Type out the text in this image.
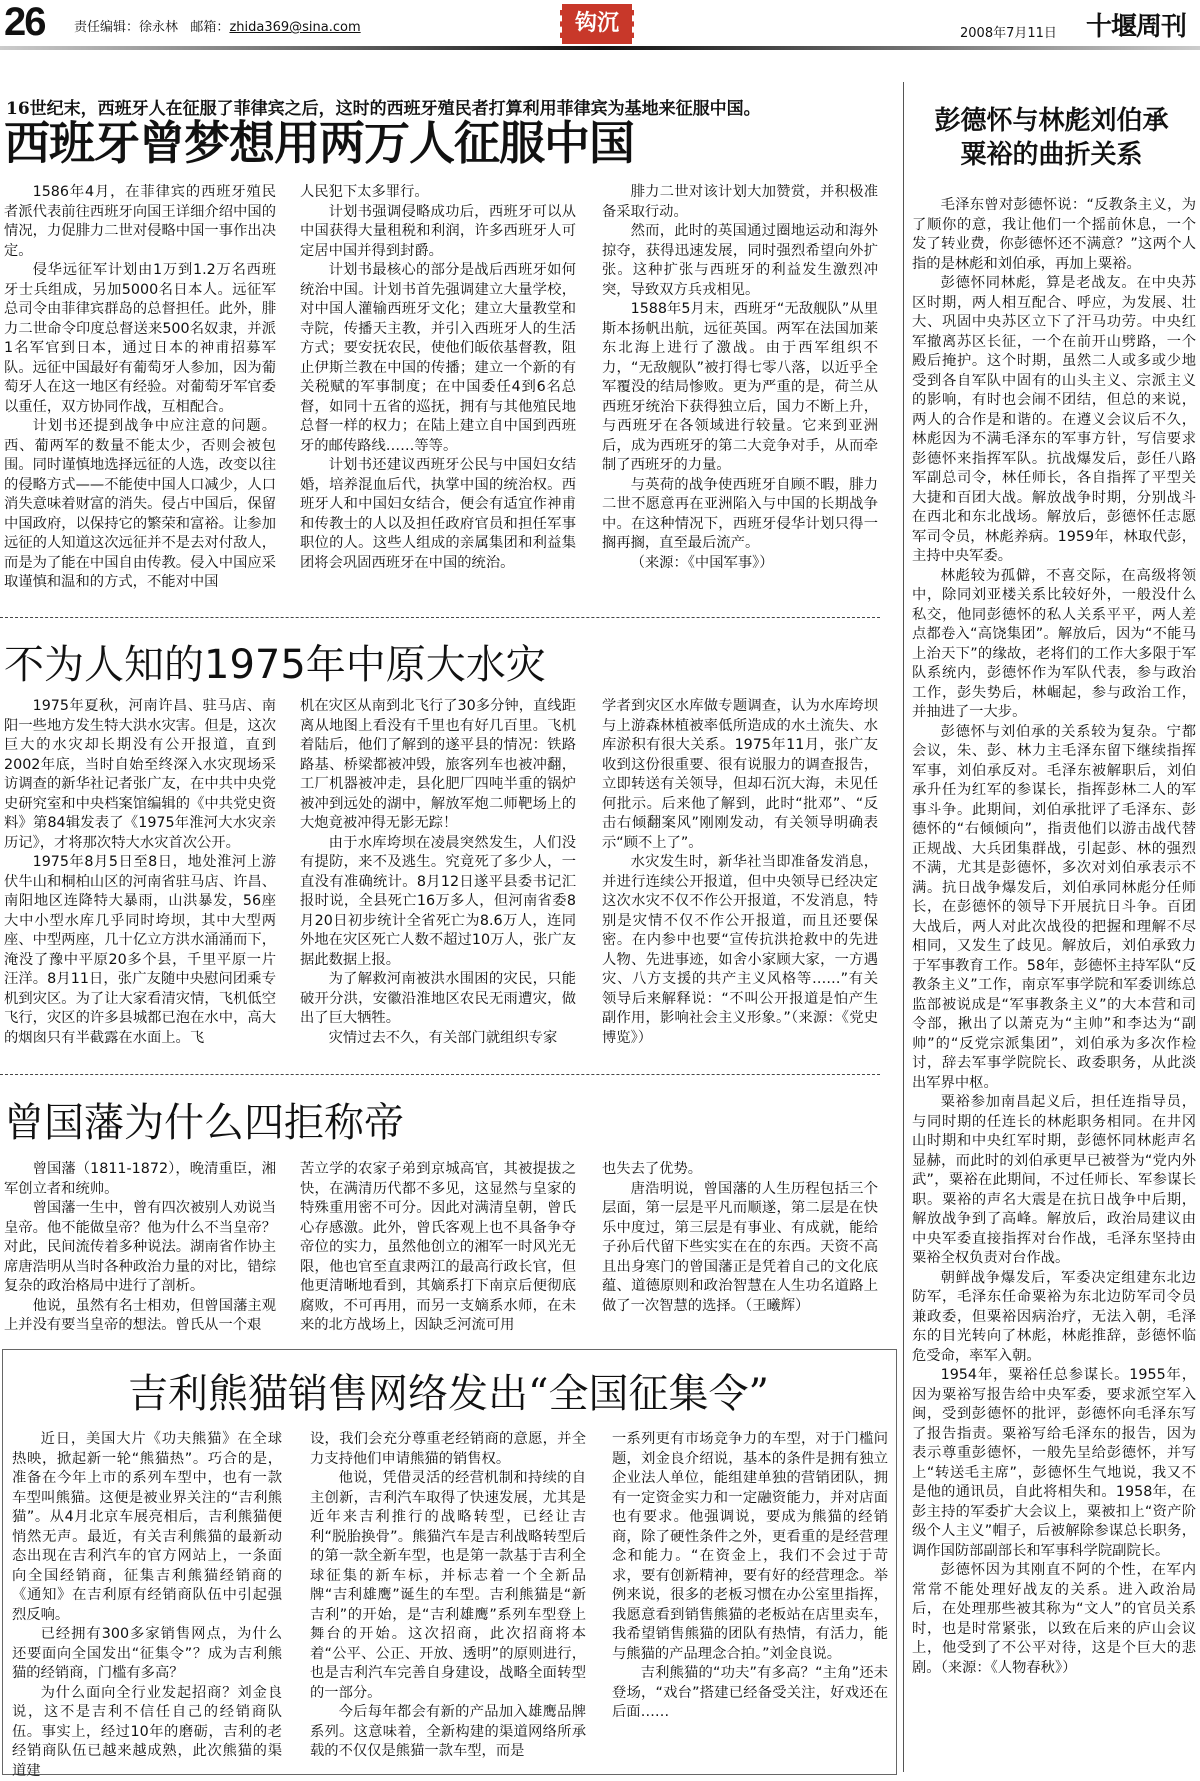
26 责任编辑：徐永林 邮箱：zhida369@sina.com	钩沉	2008年7月11日 十堰周刊
16世纪末，西班牙人在征服了菲律宾之后，这时的西班牙殖民者打算利用菲律宾为基地来征服中国。
西班牙曾梦想用两万人征服中国

1586年4月，在菲律宾的西班牙殖民者派代表前往西班牙向国王详细介绍中国的情况，力促腓力二世对侵略中国一事作出决定。

侵华远征军计划由1万到1.2万名西班牙士兵组成，另加5000名日本人。远征军总司令由菲律宾群岛的总督担任。此外，腓力二世命令印度总督送来500名奴隶，并派1名军官到日本，通过日本的神甫招募军队。远征中国最好有葡萄牙人参加，因为葡萄牙人在这一地区有经验。对葡萄牙军官委以重任，双方协同作战，互相配合。

计划书还提到战争中应注意的问题。西、葡两军的数量不能太少，否则会被包围。同时谨慎地选择远征的人选，改变以往的侵略方式——不能使中国人口减少，人口消失意味着财富的消失。侵占中国后，保留中国政府，以保持它的繁荣和富裕。让参加远征的人知道这次远征并不是去对付敌人，而是为了能在中国自由传教。侵入中国应采取谨慎和温和的方式，不能对中国

人民犯下太多罪行。

计划书强调侵略成功后，西班牙可以从中国获得大量租税和利润，许多西班牙人可定居中国并得到封爵。

计划书最核心的部分是战后西班牙如何统治中国。计划书首先强调建立大量学校，对中国人灌输西班牙文化；建立大量教堂和寺院，传播天主教，并引入西班牙人的生活方式；要安抚农民，使他们皈依基督教，阻止伊斯兰教在中国的传播；建立一个新的有关税赋的军事制度；在中国委任4到6名总督，如同十五省的巡抚，拥有与其他殖民地总督一样的权力；在陆上建立自中国到西班牙的邮传路线……等等。

计划书还建议西班牙公民与中国妇女结婚，培养混血后代，执掌中国的统治权。西班牙人和中国妇女结合，便会有适宜作神甫和传教士的人以及担任政府官员和担任军事职位的人。这些人组成的亲属集团和利益集团将会巩固西班牙在中国的统治。

腓力二世对该计划大加赞赏，并积极准备采取行动。

然而，此时的英国通过圈地运动和海外掠夺，获得迅速发展，同时强烈希望向外扩张。这种扩张与西班牙的利益发生激烈冲突，导致双方兵戎相见。

1588年5月末，西班牙“无敌舰队”从里斯本扬帆出航，远征英国。两军在法国加莱东北海上进行了激战。由于西军组织不力，“无敌舰队”被打得七零八落，以近乎全军覆没的结局惨败。更为严重的是，荷兰从西班牙统治下获得独立后，国力不断上升，与西班牙在各领域进行较量。它来到亚洲后，成为西班牙的第二大竞争对手，从而牵制了西班牙的力量。

与英荷的战争使西班牙自顾不暇，腓力二世不愿意再在亚洲陷入与中国的长期战争中。在这种情况下，西班牙侵华计划只得一搁再搁，直至最后流产。

（来源：《中国军事》）

不为人知的1975年中原大水灾

1975年夏秋，河南许昌、驻马店、南阳一些地方发生特大洪水灾害。但是，这次巨大的水灾却长期没有公开报道，直到2002年底，当时自始至终深入水灾现场采访调查的新华社记者张广友，在中共中央党史研究室和中央档案馆编辑的《中共党史资料》第84辑发表了《1975年淮河大水灾亲历记》，才将那次特大水灾首次公开。

1975年8月5日至8日，地处淮河上游伏牛山和桐柏山区的河南省驻马店、许昌、南阳地区连降特大暴雨，山洪暴发，56座大中小型水库几乎同时垮坝，其中大型两座、中型两座，几十亿立方洪水涌涌而下，淹没了豫中平原20多个县，千里平原一片汪洋。8月11日，张广友随中央慰问团乘专机到灾区。为了让大家看清灾情，飞机低空飞行，灾区的许多县城都已泡在水中，高大的烟囱只有半截露在水面上。飞

机在灾区从南到北飞行了30多分钟，直线距离从地图上看没有千里也有好几百里。飞机着陆后，他们了解到的遂平县的情况：铁路路基、桥梁都被冲毁，旅客列车也被冲翻，工厂机器被冲走，县化肥厂四吨半重的锅炉被冲到远处的湖中，解放军炮二师靶场上的大炮竟被冲得无影无踪！

由于水库垮坝在凌晨突然发生，人们没有提防，来不及逃生。究竟死了多少人，一直没有准确统计。8月12日遂平县委书记汇报时说，全县死亡16万多人，但河南省委8月20日初步统计全省死亡为8.6万人，连同外地在灾区死亡人数不超过10万人，张广友据此数据上报。

为了解救河南被洪水围困的灾民，只能破开分洪，安徽沿淮地区农民无雨遭灾，做出了巨大牺牲。

灾情过去不久，有关部门就组织专家

学者到灾区水库做专题调查，认为水库垮坝与上游森林植被率低所造成的水土流失、水库淤积有很大关系。1975年11月，张广友收到这份很重要、很有说服力的调查报告，立即转送有关领导，但却石沉大海，未见任何批示。后来他了解到，此时“批邓”、“反击右倾翻案风”刚刚发动，有关领导明确表示“顾不上了”。

水灾发生时，新华社当即准备发消息，并进行连续公开报道，但中央领导已经决定这次水灾不仅不作公开报道，不发消息，特别是灾情不仅不作公开报道，而且还要保密。在内参中也要“宣传抗洪抢救中的先进人物、先进事迹，如舍小家顾大家，一方遇灾、八方支援的共产主义风格等……”有关领导后来解释说：“不叫公开报道是怕产生副作用，影响社会主义形象。”（来源：《党史博览》）

曾国藩为什么四拒称帝

曾国藩（1811-1872），晚清重臣，湘军创立者和统帅。

曾国藩一生中，曾有四次被别人劝说当皇帝。他不能做皇帝？他为什么不当皇帝？对此，民间流传着多种说法。湖南省作协主席唐浩明从当时各种政治力量的对比，错综复杂的政治格局中进行了剖析。

他说，虽然有名士相劝，但曾国藩主观上并没有要当皇帝的想法。曾氏从一个艰

苦立学的农家子弟到京城高官，其被提拔之快，在满清历代都不多见，这显然与皇家的特殊重用密不可分。因此对满清皇朝，曾氏心存感激。此外，曾氏客观上也不具备争夺帝位的实力，虽然他创立的湘军一时风光无限，他也官至直隶两江的最高行政长官，但他更清晰地看到，其嫡系打下南京后便彻底腐败，不可再用，而另一支嫡系水师，在未来的北方战场上，因缺乏河流可用

也失去了优势。

唐浩明说，曾国藩的人生历程包括三个层面，第一层是平凡而顺遂，第二层是在快乐中度过，第三层是有事业、有成就，能给子孙后代留下些实实在在的东西。天资不高且出身寒门的曾国藩正是凭着自己的文化底蕴、道德原则和政治智慧在人生功名道路上做了一次智慧的选择。（王曦辉）

吉利熊猫销售网络发出“全国征集令”

近日，美国大片《功夫熊猫》在全球热映，掀起新一轮“熊猫热”。巧合的是，准备在今年上市的系列车型中，也有一款车型叫熊猫。这便是被业界关注的“吉利熊猫”。从4月北京车展亮相后，吉利熊猫便悄然无声。最近，有关吉利熊猫的最新动态出现在吉利汽车的官方网站上，一条面向全国经销商，征集吉利熊猫经销商的《通知》在吉利原有经销商队伍中引起强烈反响。

已经拥有300多家销售网点，为什么还要面向全国发出“征集令”？成为吉利熊猫的经销商，门槛有多高？

为什么面向全行业发起招商？刘金良说，这不是吉利不信任自己的经销商队伍。事实上，经过10年的磨砺，吉利的老经销商队伍已越来越成熟，此次熊猫的渠道建

设，我们会充分尊重老经销商的意愿，并全力支持他们申请熊猫的销售权。

他说，凭借灵活的经营机制和持续的自主创新，吉利汽车取得了快速发展，尤其是近年来吉利推行的战略转型，已经让吉利“脱胎换骨”。熊猫汽车是吉利战略转型后的第一款全新车型，也是第一款基于吉利全球征集的新车标，并标志着一个全新品牌“吉利雄鹰”诞生的车型。吉利熊猫是“新吉利”的开始，是“吉利雄鹰”系列车型登上舞台的开始。这次招商，此次招商将本着“公平、公正、开放、透明”的原则进行，也是吉利汽车完善自身建设，战略全面转型的一部分。

今后每年都会有新的产品加入雄鹰品牌系列。这意味着，全新构建的渠道网络所承载的不仅仅是熊猫一款车型，而是

一系列更有市场竞争力的车型，对于门槛问题，刘金良介绍说，基本的条件是拥有独立企业法人单位，能组建单独的营销团队，拥有一定资金实力和一定融资能力，并对店面也有要求。他强调说，要成为熊猫的经销商，除了硬性条件之外，更看重的是经营理念和能力。“在资金上，我们不会过于苛求，要有创新精神，要有好的经营理念。举例来说，很多的老板习惯在办公室里指挥，我愿意看到销售熊猫的老板站在店里卖车，我希望销售熊猫的团队有热情，有活力，能与熊猫的产品理念合拍。”刘金良说。

吉利熊猫的“功夫”有多高？“主角”还未登场，“戏台”搭建已经备受关注，好戏还在后面……

彭德怀与林彪刘伯承
粟裕的曲折关系

毛泽东曾对彭德怀说：“反教条主义，为了顺你的意，我让他们一个摇前休息，一个发了转业费，你彭德怀还不满意？”这两个人指的是林彪和刘伯承，再加上粟裕。

彭德怀同林彪，算是老战友。在中央苏区时期，两人相互配合、呼应，为发展、壮大、巩固中央苏区立下了汗马功劳。中央红军撤离苏区长征，一个在前开山劈路，一个殿后掩护。这个时期，虽然二人或多或少地受到各自军队中固有的山头主义、宗派主义的影响，有时也会闹不团结，但总的来说，两人的合作是和谐的。在遵义会议后不久，林彪因为不满毛泽东的军事方针，写信要求彭德怀来指挥军队。抗战爆发后，彭任八路军副总司令，林任师长，各自指挥了平型关大捷和百团大战。解放战争时期，分别战斗在西北和东北战场。解放后，彭德怀任志愿军司令员，林彪养病。1959年，林取代彭，主持中央军委。

林彪较为孤僻，不喜交际，在高级将领中，除同刘亚楼关系比较好外，一般没什么私交，他同彭德怀的私人关系平平，两人差点都卷入“高饶集团”。解放后，因为“不能马上治天下”的缘故，老将们的工作大多限于军队系统内，彭德怀作为军队代表，参与政治工作，彭失势后，林崛起，参与政治工作，并抽进了一大步。

彭德怀与刘伯承的关系较为复杂。宁都会议，朱、彭、林力主毛泽东留下继续指挥军事，刘伯承反对。毛泽东被解职后，刘伯承升任为红军的参谋长，指挥彭林二人的军事斗争。此期间，刘伯承批评了毛泽东、彭德怀的“右倾倾向”，指责他们以游击战代替正规战、大兵团集群战，引起彭、林的强烈不满，尤其是彭德怀，多次对刘伯承表示不满。抗日战争爆发后，刘伯承同林彪分任师长，在彭德怀的领导下开展抗日斗争。百团大战后，两人对此次战役的把握和理解不尽相同，又发生了歧见。解放后，刘伯承致力于军事教育工作。58年，彭德怀主持军队“反教条主义”工作，南京军事学院和军委训练总监部被说成是“军事教条主义”的大本营和司令部，揪出了以萧克为“主帅”和李达为“副帅”的“反党宗派集团”，刘伯承为多次作检讨，辞去军事学院院长、政委职务，从此淡出军界中枢。

粟裕参加南昌起义后，担任连指导员，与同时期的任连长的林彪职务相同。在井冈山时期和中央红军时期，彭德怀同林彪声名显赫，而此时的刘伯承更早已被誉为“党内外武”，粟裕在此期间，不过任师长、军参谋长职。粟裕的声名大震是在抗日战争中后期，解放战争到了高峰。解放后，政治局建议由中央军委直接指挥对台作战，毛泽东坚持由粟裕全权负责对台作战。

朝鲜战争爆发后，军委决定组建东北边防军，毛泽东任命粟裕为东北边防军司令员兼政委，但粟裕因病治疗，无法入朝，毛泽东的目光转向了林彪，林彪推辞，彭德怀临危受命，率军入朝。

1954年，粟裕任总参谋长。1955年，因为粟裕写报告给中央军委，要求派空军入闽，受到彭德怀的批评，彭德怀向毛泽东写了报告指责。粟裕写给毛泽东的报告，因为表示尊重彭德怀，一般先呈给彭德怀，并写上“转送毛主席”，彭德怀生气地说，我又不是他的通讯员，自此将相失和。1958年，在彭主持的军委扩大会议上，粟被扣上“资产阶级个人主义”帽子，后被解除参谋总长职务，调作国防部副部长和军事科学院副院长。

彭德怀因为其刚直不阿的个性，在军内常常不能处理好战友的关系。进入政治局后，在处理那些被其称为“文人”的官员关系时，也是时常紧张，以致在后来的庐山会议上，他受到了不公平对待，这是个巨大的悲剧。（来源：《人物春秋》）
